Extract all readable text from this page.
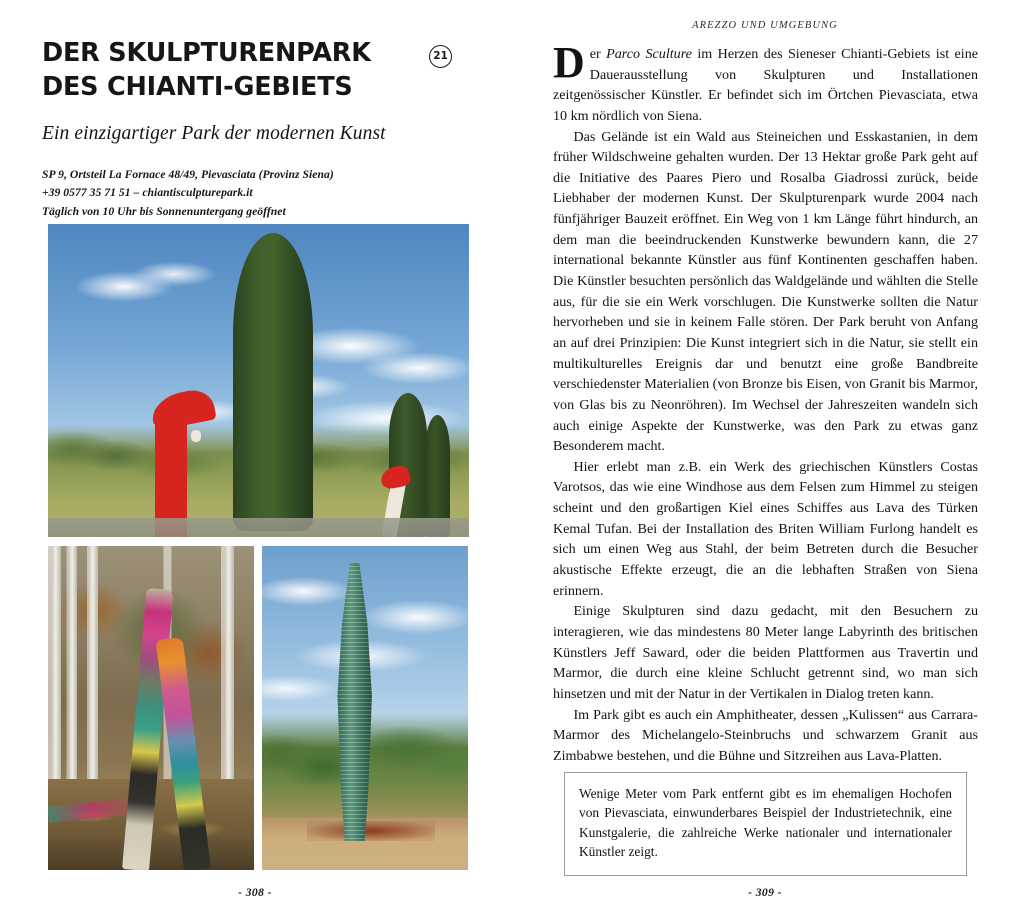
DER SKULPTURENPARK
DES CHIANTI-GEBIETS
21
Ein einzigartiger Park der modernen Kunst
SP 9, Ortsteil La Fornace 48/49, Pievasciata (Provinz Siena)
+39 0577 35 71 51 – chiantisculpturepark.it
Täglich von 10 Uhr bis Sonnenuntergang geöffnet
- 308 -
AREZZO UND UMGEBUNG

D er Parco Sculture im Herzen des Sieneser Chianti-Gebiets ist eine Dauerausstellung von Skulpturen und Installationen zeitgenössischer Künstler. Er befindet sich im Örtchen Pievasciata, etwa 10 km nördlich von Siena.

Das Gelände ist ein Wald aus Steineichen und Esskastanien, in dem früher Wildschweine gehalten wurden. Der 13 Hektar große Park geht auf die Initiative des Paares Piero und Rosalba Giadrossi zurück, beide Liebhaber der modernen Kunst. Der Skulpturenpark wurde 2004 nach fünfjähriger Bauzeit eröffnet. Ein Weg von 1 km Länge führt hindurch, an dem man die beeindruckenden Kunstwerke bewundern kann, die 27 international bekannte Künstler aus fünf Kontinenten geschaffen haben. Die Künstler besuchten persönlich das Waldgelände und wählten die Stelle aus, für die sie ein Werk vorschlugen. Die Kunstwerke sollten die Natur hervorheben und sie in keinem Falle stören. Der Park beruht von Anfang an auf drei Prinzipien: Die Kunst integriert sich in die Natur, sie stellt ein multikulturelles Ereignis dar und benutzt eine große Bandbreite verschiedenster Materialien (von Bronze bis Eisen, von Granit bis Marmor, von Glas bis zu Neonröhren). Im Wechsel der Jahreszeiten wandeln sich auch einige Aspekte der Kunstwerke, was den Park zu etwas ganz Besonderem macht.

Hier erlebt man z.B. ein Werk des griechischen Künstlers Costas Varotsos, das wie eine Windhose aus dem Felsen zum Himmel zu steigen scheint und den großartigen Kiel eines Schiffes aus Lava des Türken Kemal Tufan. Bei der Installation des Briten William Furlong handelt es sich um einen Weg aus Stahl, der beim Betreten durch die Besucher akustische Effekte erzeugt, die an die lebhaften Straßen von Siena erinnern.

Einige Skulpturen sind dazu gedacht, mit den Besuchern zu interagieren, wie das mindestens 80 Meter lange Labyrinth des britischen Künstlers Jeff Saward, oder die beiden Plattformen aus Travertin und Marmor, die durch eine kleine Schlucht getrennt sind, wo man sich hinsetzen und mit der Natur in der Vertikalen in Dialog treten kann.

Im Park gibt es auch ein Amphitheater, dessen „Kulissen“ aus Carrara-Marmor des Michelangelo-Steinbruchs und schwarzem Granit aus Zimbabwe bestehen, und die Bühne und Sitzreihen aus Lava-Platten.

Wenige Meter vom Park entfernt gibt es im ehemaligen Hochofen von Pievasciata, einwunderbares Beispiel der Industrietechnik, eine Kunstgalerie, die zahlreiche Werke nationaler und internationaler Künstler zeigt.
- 309 -
